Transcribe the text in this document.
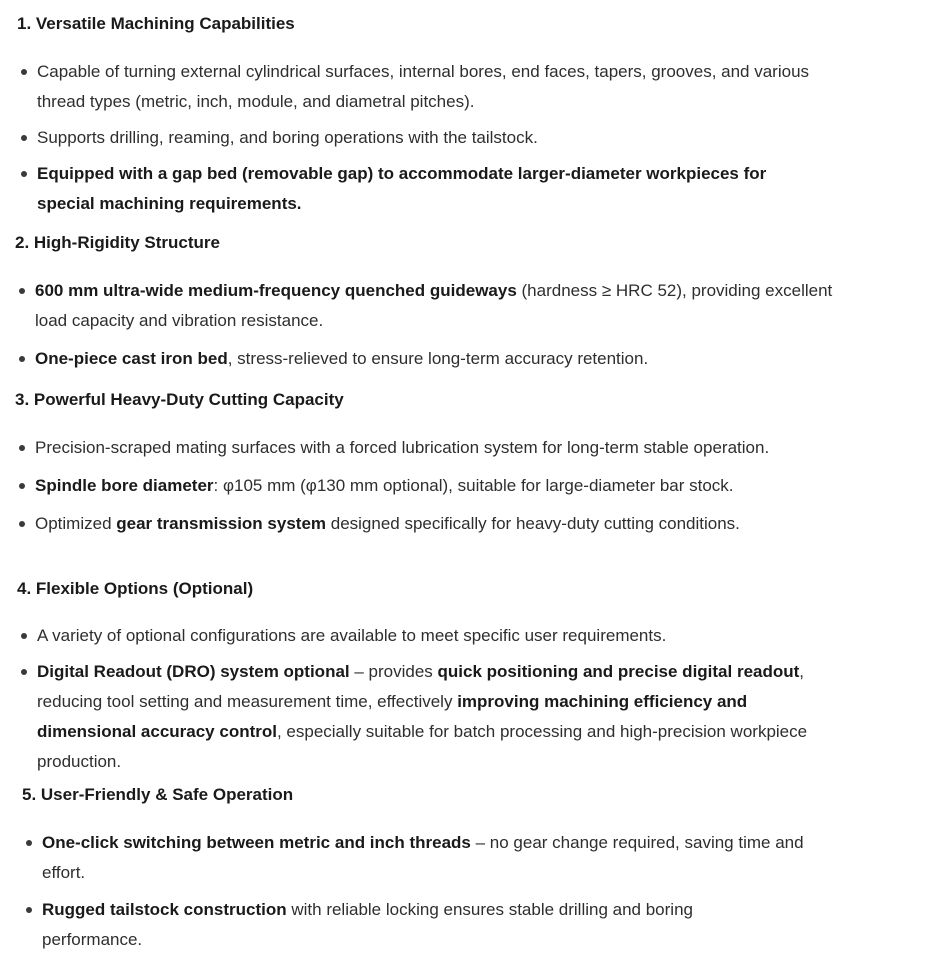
1. Versatile Machining Capabilities
Capable of turning external cylindrical surfaces, internal bores, end faces, tapers, grooves, and various thread types (metric, inch, module, and diametral pitches).
Supports drilling, reaming, and boring operations with the tailstock.
Equipped with a gap bed (removable gap) to accommodate larger-diameter workpieces for special machining requirements.
2. High-Rigidity Structure
600 mm ultra-wide medium-frequency quenched guideways (hardness ≥ HRC 52), providing excellent load capacity and vibration resistance.
One-piece cast iron bed, stress-relieved to ensure long-term accuracy retention.
3. Powerful Heavy-Duty Cutting Capacity
Precision-scraped mating surfaces with a forced lubrication system for long-term stable operation.
Spindle bore diameter: φ105 mm (φ130 mm optional), suitable for large-diameter bar stock.
Optimized gear transmission system designed specifically for heavy-duty cutting conditions.
4. Flexible Options (Optional)
A variety of optional configurations are available to meet specific user requirements.
Digital Readout (DRO) system optional – provides quick positioning and precise digital readout, reducing tool setting and measurement time, effectively improving machining efficiency and dimensional accuracy control, especially suitable for batch processing and high-precision workpiece production.
5. User-Friendly & Safe Operation
One-click switching between metric and inch threads – no gear change required, saving time and effort.
Rugged tailstock construction with reliable locking ensures stable drilling and boring performance.
